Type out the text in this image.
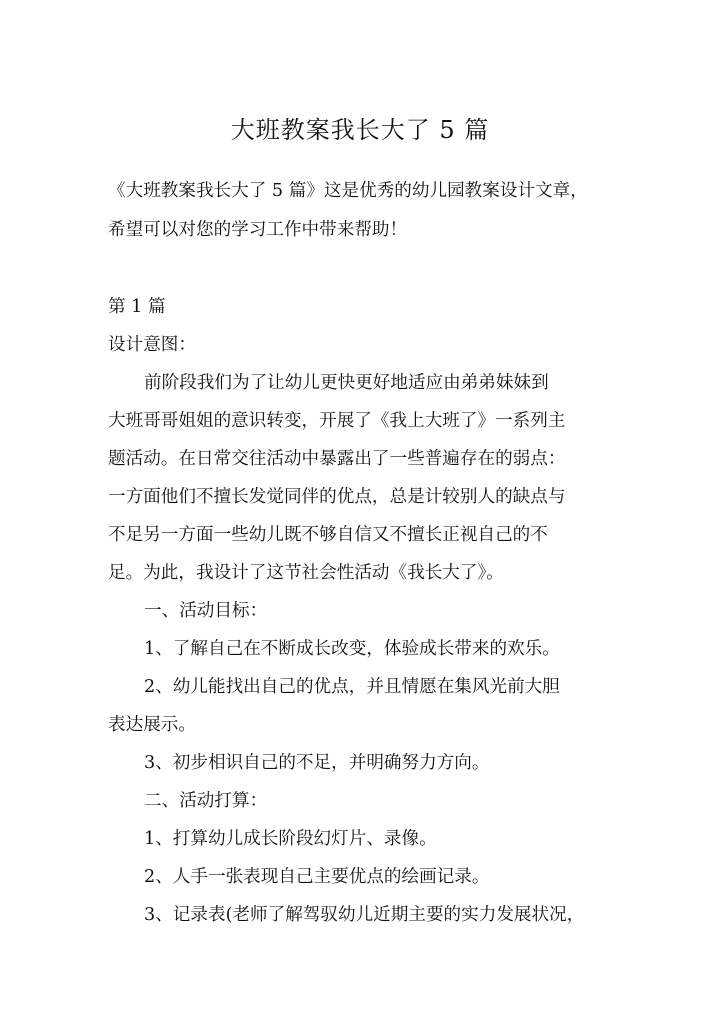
大班教案我长大了 5 篇
《大班教案我长大了 5 篇》这是优秀的幼儿园教案设计文章，
希望可以对您的学习工作中带来帮助！
第 1 篇
设计意图：
前阶段我们为了让幼儿更快更好地适应由弟弟妹妹到
大班哥哥姐姐的意识转变，开展了《我上大班了》一系列主
题活动。在日常交往活动中暴露出了一些普遍存在的弱点：
一方面他们不擅长发觉同伴的优点，总是计较别人的缺点与
不足另一方面一些幼儿既不够自信又不擅长正视自己的不
足。为此，我设计了这节社会性活动《我长大了》。
一、活动目标：
1、了解自己在不断成长改变，体验成长带来的欢乐。
2、幼儿能找出自己的优点，并且情愿在集风光前大胆
表达展示。
3、初步相识自己的不足，并明确努力方向。
二、活动打算：
1、打算幼儿成长阶段幻灯片、录像。
2、人手一张表现自己主要优点的绘画记录。
3、记录表(老师了解驾驭幼儿近期主要的实力发展状况，
